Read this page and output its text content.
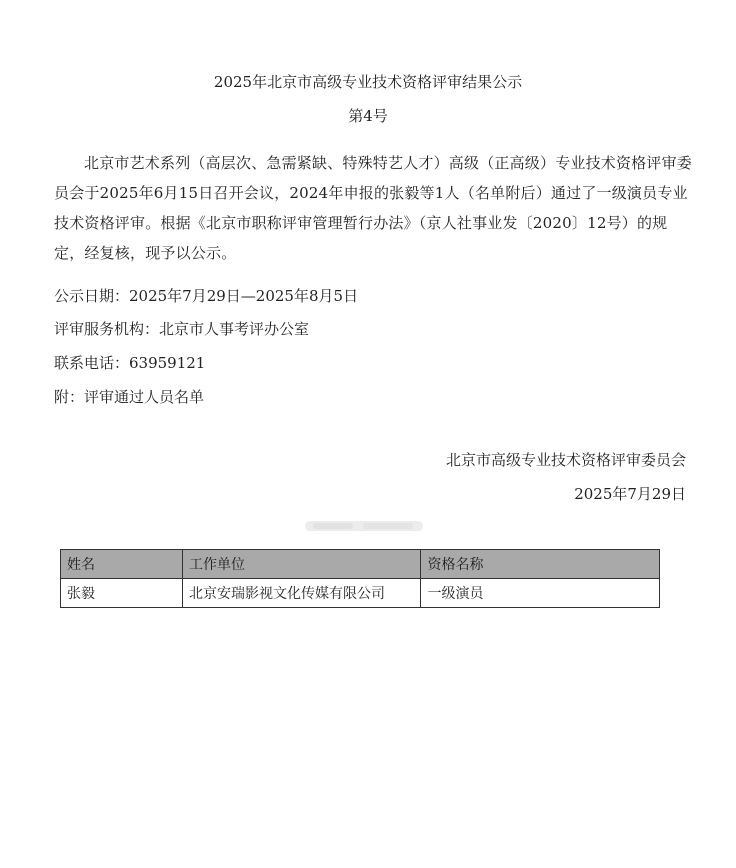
2025年北京市高级专业技术资格评审结果公示
第4号
北京市艺术系列（高层次、急需紧缺、特殊特艺人才）高级（正高级）专业技术资格评审委员会于2025年6月15日召开会议，2024年申报的张毅等1人（名单附后）通过了一级演员专业技术资格评审。根据《北京市职称评审管理暂行办法》（京人社事业发〔2020〕12号）的规定，经复核，现予以公示。
公示日期：2025年7月29日—2025年8月5日
评审服务机构：北京市人事考评办公室
联系电话：63959121
附：评审通过人员名单
北京市高级专业技术资格评审委员会
2025年7月29日
姓名	工作单位	资格名称
张毅	北京安瑞影视文化传媒有限公司	一级演员
